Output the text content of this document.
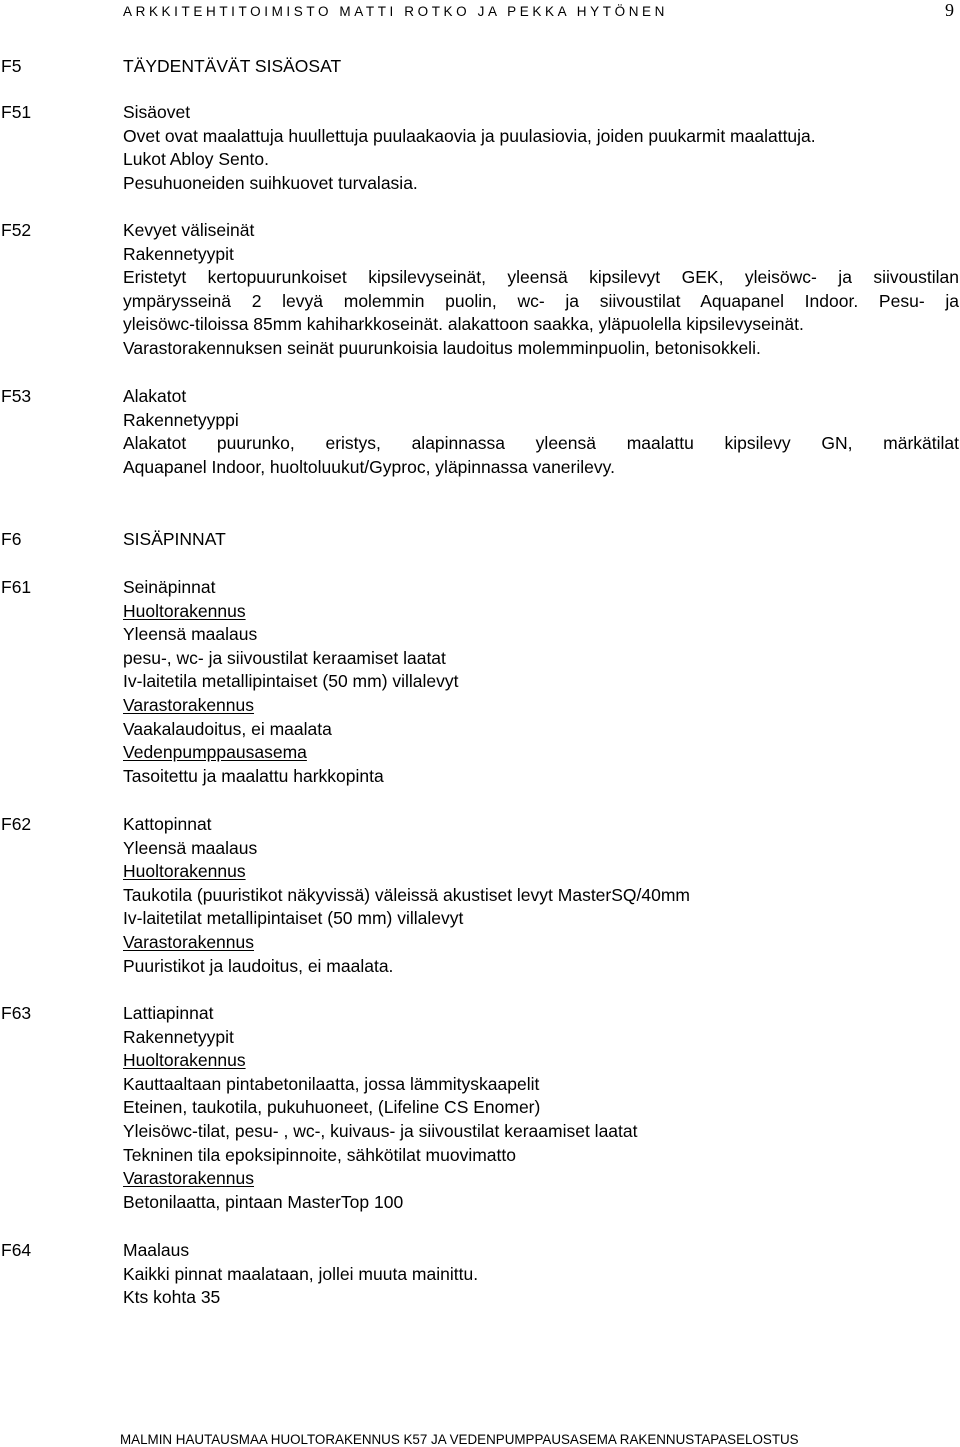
ARKKITEHTITOIMISTO MATTI ROTKO JA PEKKA HYTÖNEN	9
F5	TÄYDENTÄVÄT SISÄOSAT
F51	Sisäovet
Ovet ovat maalattuja huullettuja puulaakaovia ja puulasiovia, joiden puukarmit maalattuja.
Lukot Abloy Sento.
Pesuhuoneiden suihkuovet turvalasia.
F52	Kevyet väliseinät
Rakennetyypit
Eristetyt kertopuurunkoiset kipsilevyseinät, yleensä kipsilevyt GEK, yleisöwc- ja siivoustilan
ympärysseinä 2 levyä molemmin puolin, wc- ja siivoustilat Aquapanel Indoor. Pesu- ja
yleisöwc-tiloissa 85mm kahiharkkoseinät. alakattoon saakka, yläpuolella kipsilevyseinät.
Varastorakennuksen seinät puurunkoisia laudoitus molemminpuolin, betonisokkeli.
F53	Alakatot
Rakennetyyppi
Alakatot puurunko, eristys, alapinnassa yleensä maalattu kipsilevy GN, märkätilat
Aquapanel Indoor, huoltoluukut/Gyproc, yläpinnassa vanerilevy.
F6	SISÄPINNAT
F61	Seinäpinnat
Huoltorakennus
Yleensä maalaus
pesu-, wc- ja siivoustilat keraamiset laatat
Iv-laitetila metallipintaiset (50 mm) villalevyt
Varastorakennus
Vaakalaudoitus, ei maalata
Vedenpumppausasema
Tasoitettu ja maalattu harkkopinta
F62	Kattopinnat
Yleensä maalaus
Huoltorakennus
Taukotila (puuristikot näkyvissä) väleissä akustiset levyt MasterSQ/40mm
Iv-laitetilat metallipintaiset (50 mm) villalevyt
Varastorakennus
Puuristikot ja laudoitus, ei maalata.
F63	Lattiapinnat
Rakennetyypit
Huoltorakennus
Kauttaaltaan pintabetonilaatta, jossa lämmityskaapelit
Eteinen, taukotila, pukuhuoneet, (Lifeline CS Enomer)
Yleisöwc-tilat, pesu- , wc-, kuivaus- ja siivoustilat keraamiset laatat
Tekninen tila epoksipinnoite, sähkötilat muovimatto
Varastorakennus
Betonilaatta, pintaan MasterTop 100
F64	Maalaus
Kaikki pinnat maalataan, jollei muuta mainittu.
Kts kohta 35
MALMIN HAUTAUSMAA HUOLTORAKENNUS K57 JA VEDENPUMPPAUSASEMA RAKENNUSTAPASELOSTUS
